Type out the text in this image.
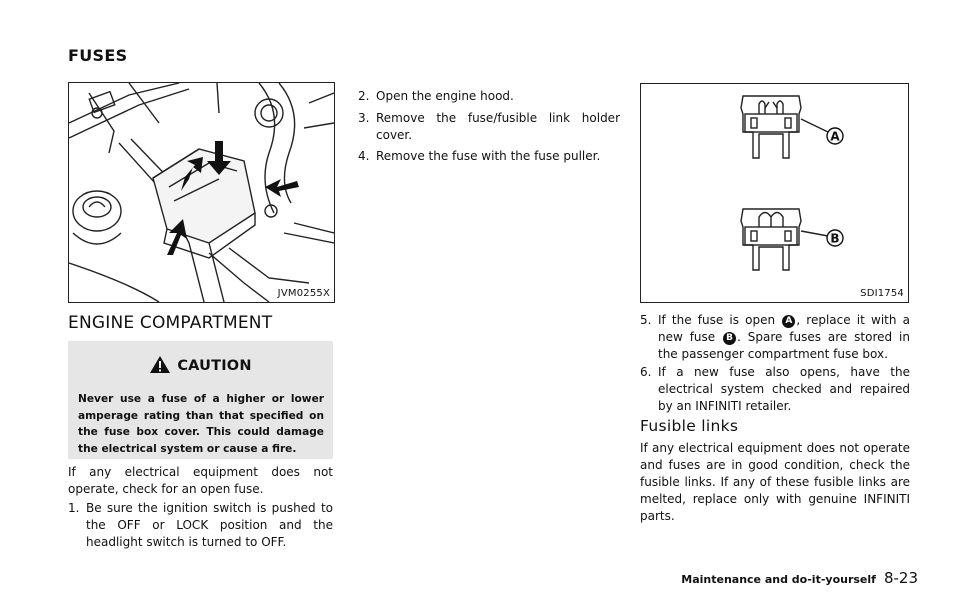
FUSES
JVM0255X
ENGINE COMPARTMENT
CAUTION
Never use a fuse of a higher or lower amperage rating than that specified on the fuse box cover. This could damage the electrical system or cause a fire.

If any electrical equipment does not operate, check for an open fuse.

1. Be sure the ignition switch is pushed to the OFF or LOCK position and the headlight switch is turned to OFF.
2. Open the engine hood.
3. Remove the fuse/fusible link holder cover.
4. Remove the fuse with the fuse puller.
A
B
SDI1754
5. If the fuse is open A , replace it with a new fuse B . Spare fuses are stored in the passenger compartment fuse box.
6. If a new fuse also opens, have the electrical system checked and repaired by an INFINITI retailer.
Fusible links

If any electrical equipment does not operate and fuses are in good condition, check the fusible links. If any of these fusible links are melted, replace only with genuine INFINITI parts.

Maintenance and do-it-yourself 8-23
